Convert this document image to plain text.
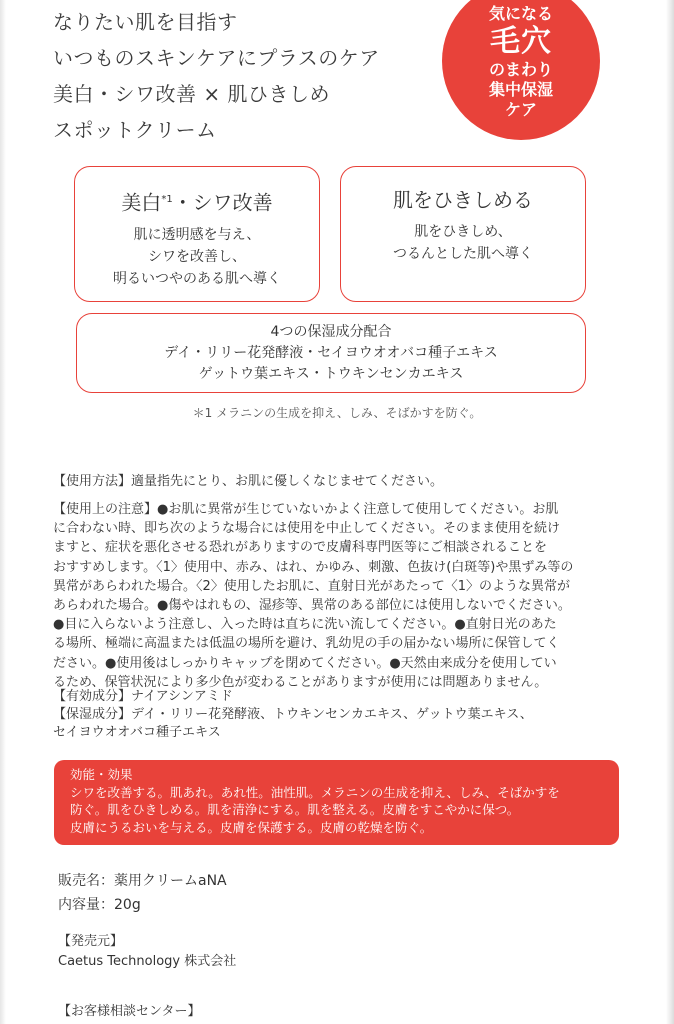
なりたい肌を目指す
いつものスキンケアにプラスのケア
美白・シワ改善 × 肌ひきしめ
スポットクリーム
気になる
毛穴
のまわり
集中保湿
ケア
美白$^{*1}$・シワ改善
肌に透明感を与え、
シワを改善し、
明るいつやのある肌へ導く
肌をひきしめる
肌をひきしめ、
つるんとした肌へ導く
4つの保湿成分配合
デイ・リリー花発酵液・セイヨウオオバコ種子エキス
ゲットウ葉エキス・トウキンセンカエキス
＊1 メラニンの生成を抑え、しみ、そばかすを防ぐ。
【使用方法】適量指先にとり、お肌に優しくなじませてください。
【使用上の注意】●お肌に異常が生じていないかよく注意して使用してください。お肌
に合わない時、即ち次のような場合には使用を中止してください。そのまま使用を続け
ますと、症状を悪化させる恐れがありますので皮膚科専門医等にご相談されることを
おすすめします。〈1〉使用中、赤み、はれ、かゆみ、刺激、色抜け(白斑等)や黒ずみ等の
異常があらわれた場合。〈2〉使用したお肌に、直射日光があたって〈1〉のような異常が
あらわれた場合。●傷やはれもの、湿疹等、異常のある部位には使用しないでください。
●目に入らないよう注意し、入った時は直ちに洗い流してください。●直射日光のあた
る場所、極端に高温または低温の場所を避け、乳幼児の手の届かない場所に保管してく
ださい。●使用後はしっかりキャップを閉めてください。●天然由来成分を使用してい
るため、保管状況により多少色が変わることがありますが使用には問題ありません。
【有効成分】ナイアシンアミド
【保湿成分】デイ・リリー花発酵液、トウキンセンカエキス、ゲットウ葉エキス、
セイヨウオオバコ種子エキス
効能・効果
シワを改善する。肌あれ。あれ性。油性肌。メラニンの生成を抑え、しみ、そばかすを
防ぐ。肌をひきしめる。肌を清浄にする。肌を整える。皮膚をすこやかに保つ。
皮膚にうるおいを与える。皮膚を保護する。皮膚の乾燥を防ぐ。
販売名：薬用クリームaNA
内容量：20g
【発売元】
Caetus Technology 株式会社
【お客様相談センター】
